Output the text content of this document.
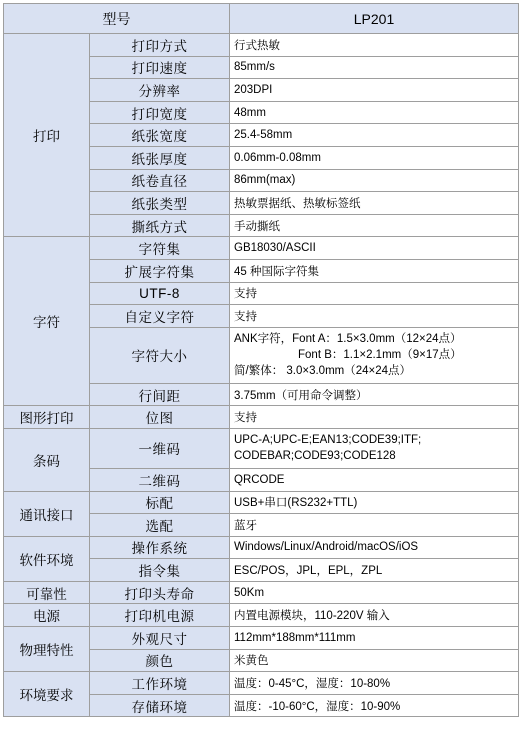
型号		LP201
打印	打印方式	行式热敏
	打印速度	85mm/s
	分辨率	203DPI
	打印宽度	48mm
	纸张宽度	25.4-58mm
	纸张厚度	0.06mm-0.08mm
	纸卷直径	86mm(max)
	纸张类型	热敏票据纸、热敏标签纸
	撕纸方式	手动撕纸
字符	字符集	GB18030/ASCII
	扩展字符集	45 种国际字符集
	UTF-8	支持
	自定义字符	支持
	字符大小	ANK字符，Font A：1.5×3.0mm（12×24点）
Font B：1.1×2.1mm（9×17点）
简/繁体： 3.0×3.0mm（24×24点）

	行间距	3.75mm（可用命令调整）
图形打印	位图	支持
条码	一维码	UPC-A;UPC-E;EAN13;CODE39;ITF;
CODEBAR;CODE93;CODE128

	二维码	QRCODE
通讯接口	标配	USB+串口(RS232+TTL)
	选配	蓝牙
软件环境	操作系统	Windows/Linux/Android/macOS/iOS
	指令集	ESC/POS，JPL，EPL，ZPL
可靠性	打印头寿命	50Km
电源	打印机电源	内置电源模块，110-220V 输入
物理特性	外观尺寸	112mm*188mm*111mm
	颜色	米黄色
环境要求	工作环境	温度：0-45°C，湿度：10-80%
	存储环境	温度：-10-60°C，湿度：10-90%
